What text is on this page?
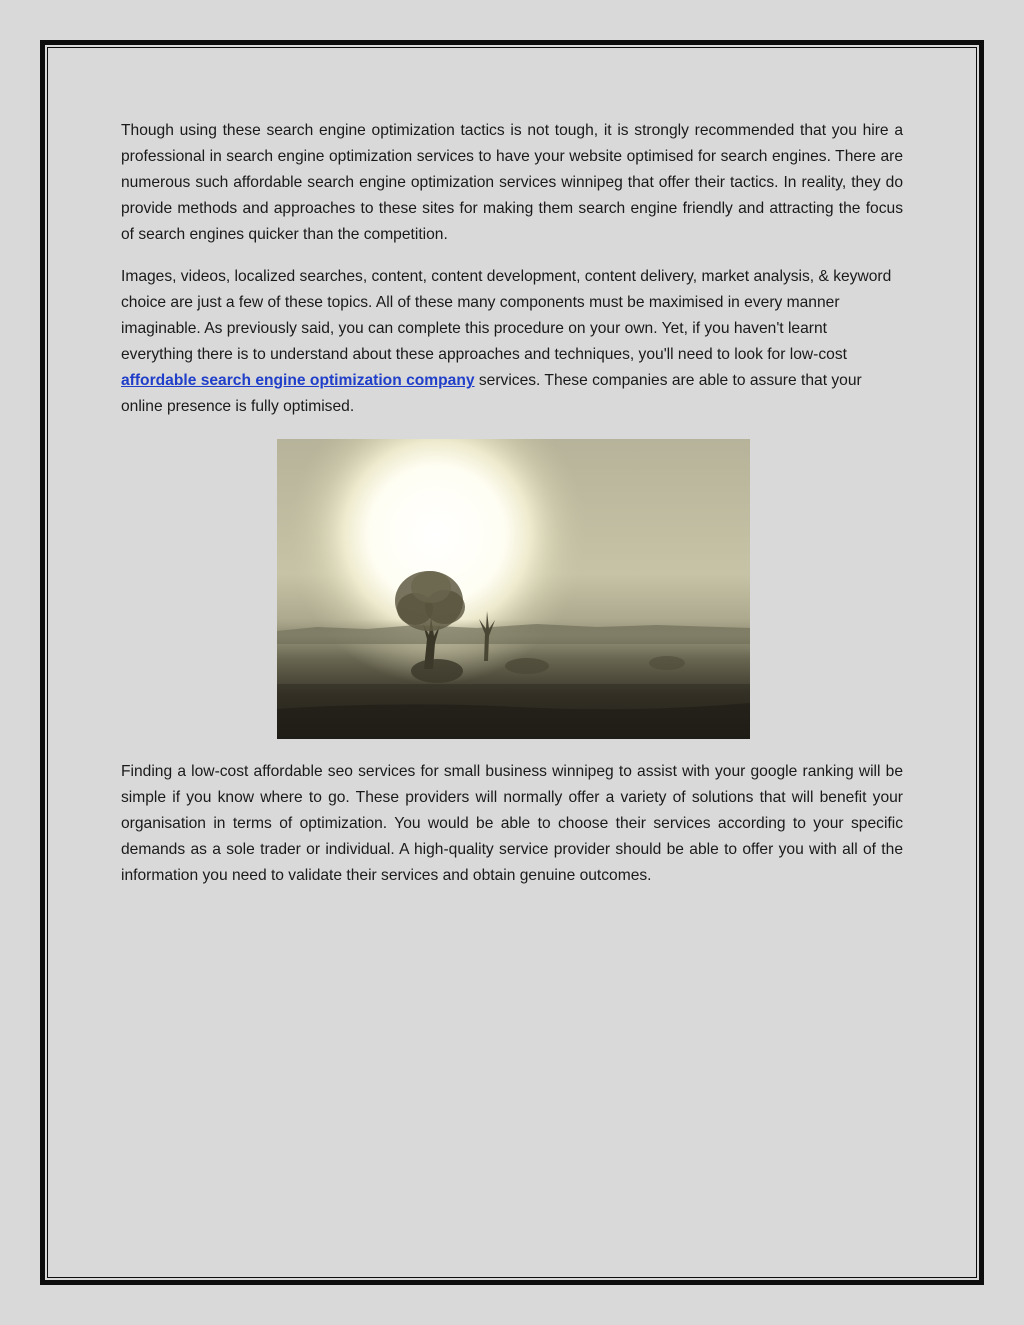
Though using these search engine optimization tactics is not tough, it is strongly recommended that you hire a professional in search engine optimization services to have your website optimised for search engines. There are numerous such affordable search engine optimization services winnipeg that offer their tactics. In reality, they do provide methods and approaches to these sites for making them search engine friendly and attracting the focus of search engines quicker than the competition.

Images, videos, localized searches, content, content development, content delivery, market analysis, & keyword choice are just a few of these topics. All of these many components must be maximised in every manner imaginable. As previously said, you can complete this procedure on your own. Yet, if you haven't learnt everything there is to understand about these approaches and techniques, you'll need to look for low-cost affordable search engine optimization company services. These companies are able to assure that your online presence is fully optimised.

Finding a low-cost affordable seo services for small business winnipeg to assist with your google ranking will be simple if you know where to go. These providers will normally offer a variety of solutions that will benefit your organisation in terms of optimization. You would be able to choose their services according to your specific demands as a sole trader or individual. A high-quality service provider should be able to offer you with all of the information you need to validate their services and obtain genuine outcomes.
